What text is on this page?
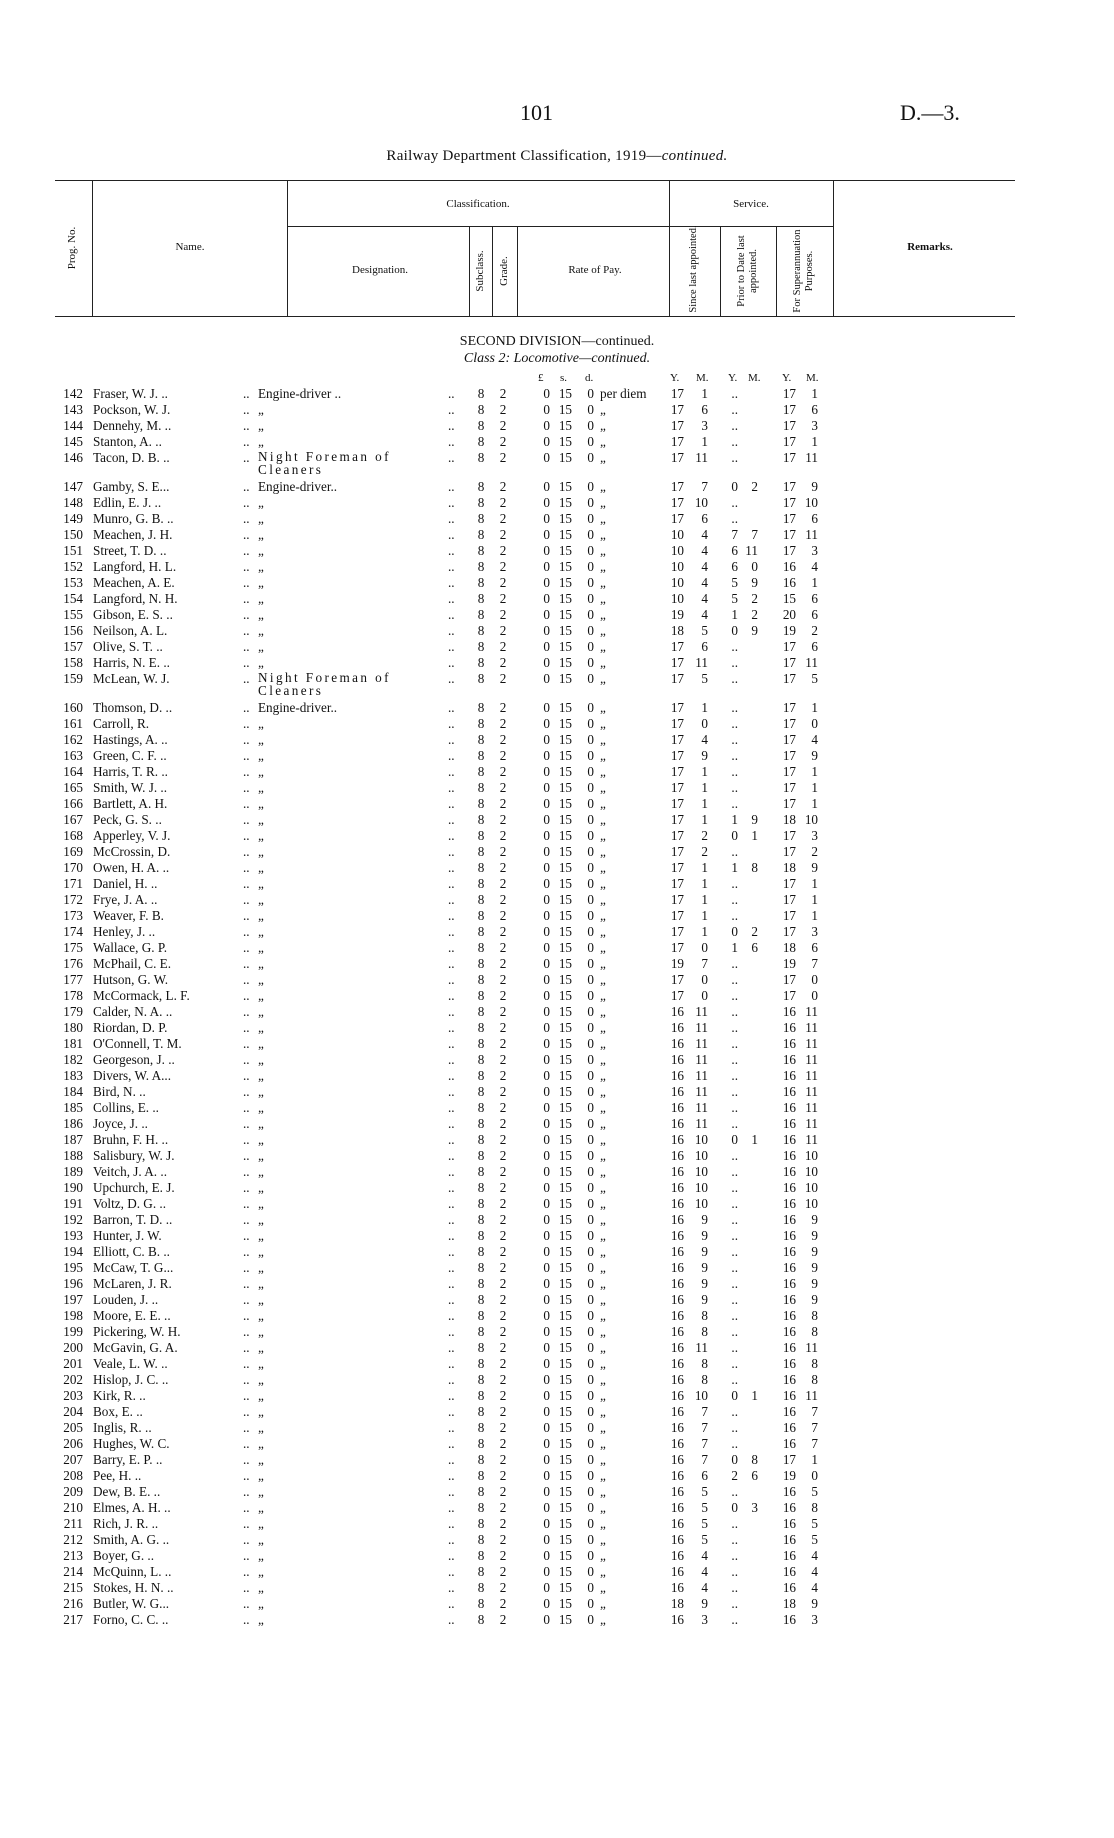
101	D.—3.
Railway Department Classification, 1919—continued.
Prog. No.	Name.
Classification.
Designation.	Subclass. Grade.	Rate of Pay.
Service.
Since last appointed.	Prior to Date last appointed.	For Superannuation Purposes.
Remarks.
SECOND DIVISION—continued.
Class 2: Locomotive—continued.
£ s. d.	Y. M. Y. M. Y. M.
142 Fraser, W. J. ..	.. Engine-driver ..	.. 8 2	0 15 0 per diem	17	1	..	17	1
143 Pockson, W. J.	.. „	.. 8 2	0 15 0 „	17	6	..	17	6
144 Dennehy, M. ..	.. „	.. 8 2	0 15 0 „	17	3	..	17	3
145 Stanton, A. ..	.. „	.. 8 2	0 15 0 „	17	1	..	17	1
146 Tacon, D. B. ..	.. Night Foreman of Cleaners
.. 8 2	0 15 0 „	17 11	..	17 11
147 Gamby, S. E...	.. Engine-driver..	.. 8 2	0 15 0 „	17	7	0	2	17	9
148 Edlin, E. J. ..	.. „	.. 8 2	0 15 0 „	17 10	..	17 10
149 Munro, G. B. ..	.. „	.. 8 2	0 15 0 „	17	6	..	17	6
150 Meachen, J. H.	.. „	.. 8 2	0 15 0 „	10	4	7	7	17 11
151 Street, T. D. ..	.. „	.. 8 2	0 15 0 „	10	4	6 11	17	3
152 Langford, H. L.	.. „	.. 8 2	0 15 0 „	10	4	6	0	16	4
153 Meachen, A. E.	.. „	.. 8 2	0 15 0 „	10	4	5	9	16	1
154 Langford, N. H.	.. „	.. 8 2	0 15 0 „	10	4	5	2	15	6
155 Gibson, E. S. ..	.. „	.. 8 2	0 15 0 „	19	4	1	2	20	6
156 Neilson, A. L.	.. „	.. 8 2	0 15 0 „	18	5	0	9	19	2
157 Olive, S. T. ..	.. „	.. 8 2	0 15 0 „	17	6	..	17	6
158 Harris, N. E. ..	.. „	.. 8 2	0 15 0 „	17 11	..	17 11
159 McLean, W. J.	.. Night Foreman of Cleaners
.. 8 2	0 15 0 „	17	5	..	17	5
160 Thomson, D. ..	.. Engine-driver..	.. 8 2	0 15 0 „	17	1	..	17	1
161 Carroll, R.	.. „	.. 8 2	0 15 0 „	17	0	..	17	0
162 Hastings, A. ..	.. „	.. 8 2	0 15 0 „	17	4	..	17	4
163 Green, C. F. ..	.. „	.. 8 2	0 15 0 „	17	9	..	17	9
164 Harris, T. R. ..	.. „	.. 8 2	0 15 0 „	17	1	..	17	1
165 Smith, W. J. ..	.. „	.. 8 2	0 15 0 „	17	1	..	17	1
166 Bartlett, A. H.	.. „	.. 8 2	0 15 0 „	17	1	..	17	1
167 Peck, G. S. ..	.. „	.. 8 2	0 15 0 „	17	1	1	9	18 10
168 Apperley, V. J.	.. „	.. 8 2	0 15 0 „	17	2	0	1	17	3
169 McCrossin, D.	.. „	.. 8 2	0 15 0 „	17	2	..	17	2
170 Owen, H. A. ..	.. „	.. 8 2	0 15 0 „	17	1	1	8	18	9
171 Daniel, H. ..	.. „	.. 8 2	0 15 0 „	17	1	..	17	1
172 Frye, J. A. ..	.. „	.. 8 2	0 15 0 „	17	1	..	17	1
173 Weaver, F. B.	.. „	.. 8 2	0 15 0 „	17	1	..	17	1
174 Henley, J. ..	.. „	.. 8 2	0 15 0 „	17	1	0	2	17	3
175 Wallace, G. P.	.. „	.. 8 2	0 15 0 „	17	0	1	6	18	6
176 McPhail, C. E.	.. „	.. 8 2	0 15 0 „	19	7	..	19	7
177 Hutson, G. W.	.. „	.. 8 2	0 15 0 „	17	0	..	17	0
178 McCormack, L. F.	.. „	.. 8 2	0 15 0 „	17	0	..	17	0
179 Calder, N. A. ..	.. „	.. 8 2	0 15 0 „	16 11	..	16 11
180 Riordan, D. P.	.. „	.. 8 2	0 15 0 „	16 11	..	16 11
181 O'Connell, T. M.	.. „	.. 8 2	0 15 0 „	16 11	..	16 11
182 Georgeson, J. ..	.. „	.. 8 2	0 15 0 „	16 11	..	16 11
183 Divers, W. A...	.. „	.. 8 2	0 15 0 „	16 11	..	16 11
184 Bird, N. ..	.. „	.. 8 2	0 15 0 „	16 11	..	16 11
185 Collins, E. ..	.. „	.. 8 2	0 15 0 „	16 11	..	16 11
186 Joyce, J. ..	.. „	.. 8 2	0 15 0 „	16 11	..	16 11
187 Bruhn, F. H. ..	.. „	.. 8 2	0 15 0 „	16 10	0	1	16 11
188 Salisbury, W. J.	.. „	.. 8 2	0 15 0 „	16 10	..	16 10
189 Veitch, J. A. ..	.. „	.. 8 2	0 15 0 „	16 10	..	16 10
190 Upchurch, E. J.	.. „	.. 8 2	0 15 0 „	16 10	..	16 10
191 Voltz, D. G. ..	.. „	.. 8 2	0 15 0 „	16 10	..	16 10
192 Barron, T. D. ..	.. „	.. 8 2	0 15 0 „	16	9	..	16	9
193 Hunter, J. W.	.. „	.. 8 2	0 15 0 „	16	9	..	16	9
194 Elliott, C. B. ..	.. „	.. 8 2	0 15 0 „	16	9	..	16	9
195 McCaw, T. G...	.. „	.. 8 2	0 15 0 „	16	9	..	16	9
196 McLaren, J. R.	.. „	.. 8 2	0 15 0 „	16	9	..	16	9
197 Louden, J. ..	.. „	.. 8 2	0 15 0 „	16	9	..	16	9
198 Moore, E. E. ..	.. „	.. 8 2	0 15 0 „	16	8	..	16	8
199 Pickering, W. H.	.. „	.. 8 2	0 15 0 „	16	8	..	16	8
200 McGavin, G. A.	.. „	.. 8 2	0 15 0 „	16 11	..	16 11
201 Veale, L. W. ..	.. „	.. 8 2	0 15 0 „	16	8	..	16	8
202 Hislop, J. C. ..	.. „	.. 8 2	0 15 0 „	16	8	..	16	8
203 Kirk, R. ..	.. „	.. 8 2	0 15 0 „	16 10	0	1	16 11
204 Box, E. ..	.. „	.. 8 2	0 15 0 „	16	7	..	16	7
205 Inglis, R. ..	.. „	.. 8 2	0 15 0 „	16	7	..	16	7
206 Hughes, W. C.	.. „	.. 8 2	0 15 0 „	16	7	..	16	7
207 Barry, E. P. ..	.. „	.. 8 2	0 15 0 „	16	7	0	8	17	1
208 Pee, H. ..	.. „	.. 8 2	0 15 0 „	16	6	2	6	19	0
209 Dew, B. E. ..	.. „	.. 8 2	0 15 0 „	16	5	..	16	5
210 Elmes, A. H. ..	.. „	.. 8 2	0 15 0 „	16	5	0	3	16	8
211 Rich, J. R. ..	.. „	.. 8 2	0 15 0 „	16	5	..	16	5
212 Smith, A. G. ..	.. „	.. 8 2	0 15 0 „	16	5	..	16	5
213 Boyer, G. ..	.. „	.. 8 2	0 15 0 „	16	4	..	16	4
214 McQuinn, L. ..	.. „	.. 8 2	0 15 0 „	16	4	..	16	4
215 Stokes, H. N. ..	.. „	.. 8 2	0 15 0 „	16	4	..	16	4
216 Butler, W. G...	.. „	.. 8 2	0 15 0 „	18	9	..	18	9
217 Forno, C. C. ..	.. „	.. 8 2	0 15 0 „	16	3	..	16	3
